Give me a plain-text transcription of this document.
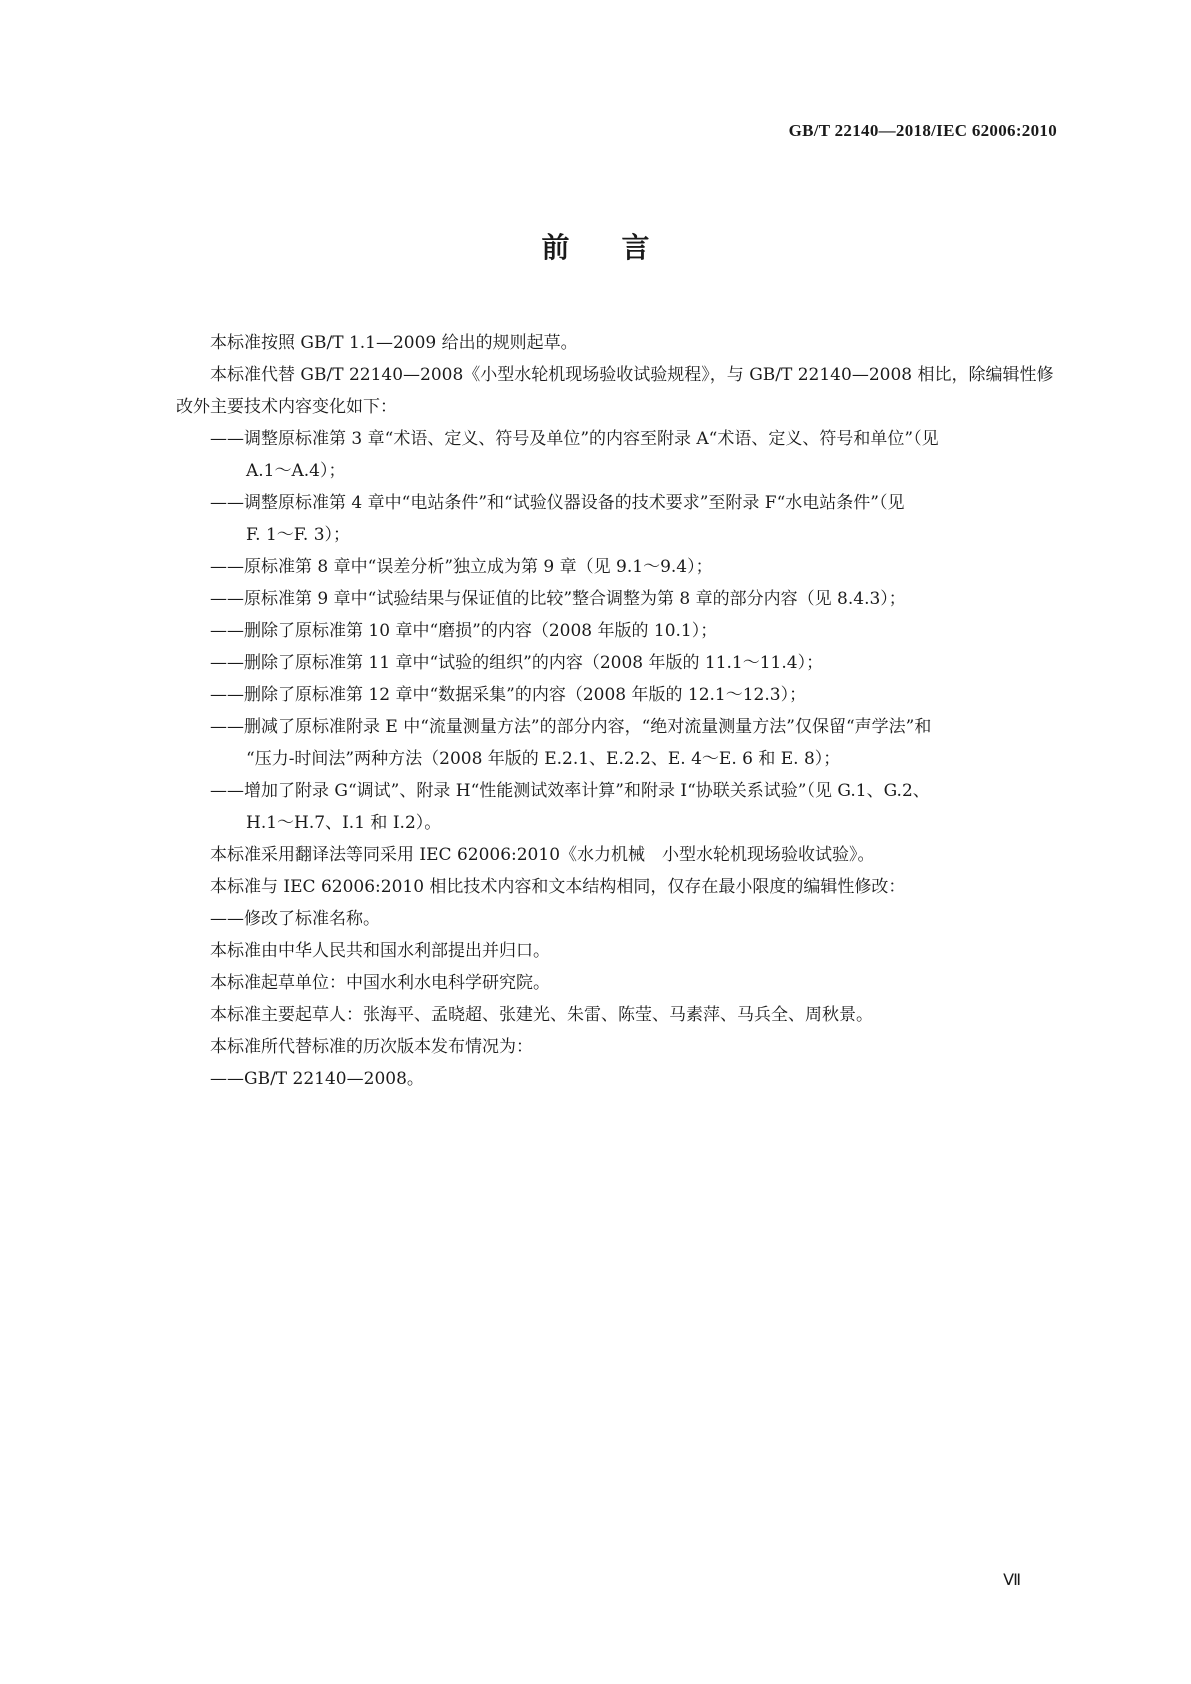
GB/T 22140—2018/IEC 62006:2010
前言

本标准按照 GB/T 1.1—2009 给出的规则起草。

本标准代替 GB/T 22140—2008《小型水轮机现场验收试验规程》，与 GB/T 22140—2008 相比，除编辑性修改外主要技术内容变化如下：

——调整原标准第 3 章“术语、定义、符号及单位”的内容至附录 A“术语、定义、符号和单位”（见
A.1～A.4）；
——调整原标准第 4 章中“电站条件”和“试验仪器设备的技术要求”至附录 F“水电站条件”（见
F. 1～F. 3）；
——原标准第 8 章中“误差分析”独立成为第 9 章（见 9.1～9.4）；
——原标准第 9 章中“试验结果与保证值的比较”整合调整为第 8 章的部分内容（见 8.4.3）；
——删除了原标准第 10 章中“磨损”的内容（2008 年版的 10.1）；
——删除了原标准第 11 章中“试验的组织”的内容（2008 年版的 11.1～11.4）；
——删除了原标准第 12 章中“数据采集”的内容（2008 年版的 12.1～12.3）；
——删减了原标准附录 E 中“流量测量方法”的部分内容，“绝对流量测量方法”仅保留“声学法”和
“压力-时间法”两种方法（2008 年版的 E.2.1、E.2.2、E. 4～E. 6 和 E. 8）；
——增加了附录 G“调试”、附录 H“性能测试效率计算”和附录 I“协联关系试验”（见 G.1、G.2、
H.1～H.7、I.1 和 I.2）。

本标准采用翻译法等同采用 IEC 62006:2010《水力机械　小型水轮机现场验收试验》。

本标准与 IEC 62006:2010 相比技术内容和文本结构相同，仅存在最小限度的编辑性修改：

——修改了标准名称。

本标准由中华人民共和国水利部提出并归口。

本标准起草单位：中国水利水电科学研究院。

本标准主要起草人：张海平、孟晓超、张建光、朱雷、陈莹、马素萍、马兵全、周秋景。

本标准所代替标准的历次版本发布情况为：

——GB/T 22140—2008。
Ⅶ
